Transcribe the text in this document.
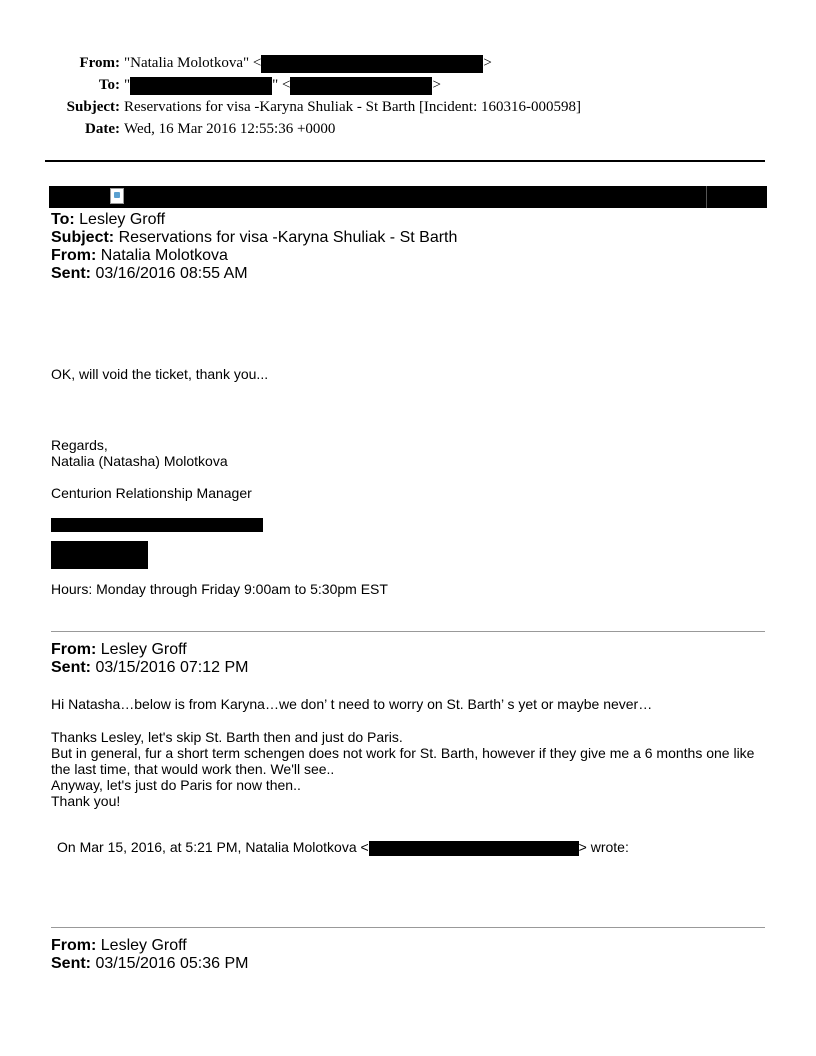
From: "Natalia Molotkova" <	>
To: "	" <	>
Subject: Reservations for visa -Karyna Shuliak - St Barth [Incident: 160316-000598]
Date: Wed, 16 Mar 2016 12:55:36 +0000
To: Lesley Groff
Subject: Reservations for visa -Karyna Shuliak - St Barth
From: Natalia Molotkova
Sent: 03/16/2016 08:55 AM
OK, will void the ticket, thank you...
Regards,
Natalia (Natasha) Molotkova
Centurion Relationship Manager
Hours: Monday through Friday 9:00am to 5:30pm EST
From: Lesley Groff
Sent: 03/15/2016 07:12 PM
Hi Natasha…below is from Karyna…we don’ t need to worry on St. Barth’ s yet or maybe never…
Thanks Lesley, let's skip St. Barth then and just do Paris.
But in general, fur a short term schengen does not work for St. Barth, however if they give me a 6 months one like
the last time, that would work then. We'll see..
Anyway, let's just do Paris for now then..
Thank you!
On Mar 15, 2016, at 5:21 PM, Natalia Molotkova <	> wrote:
From: Lesley Groff
Sent: 03/15/2016 05:36 PM
